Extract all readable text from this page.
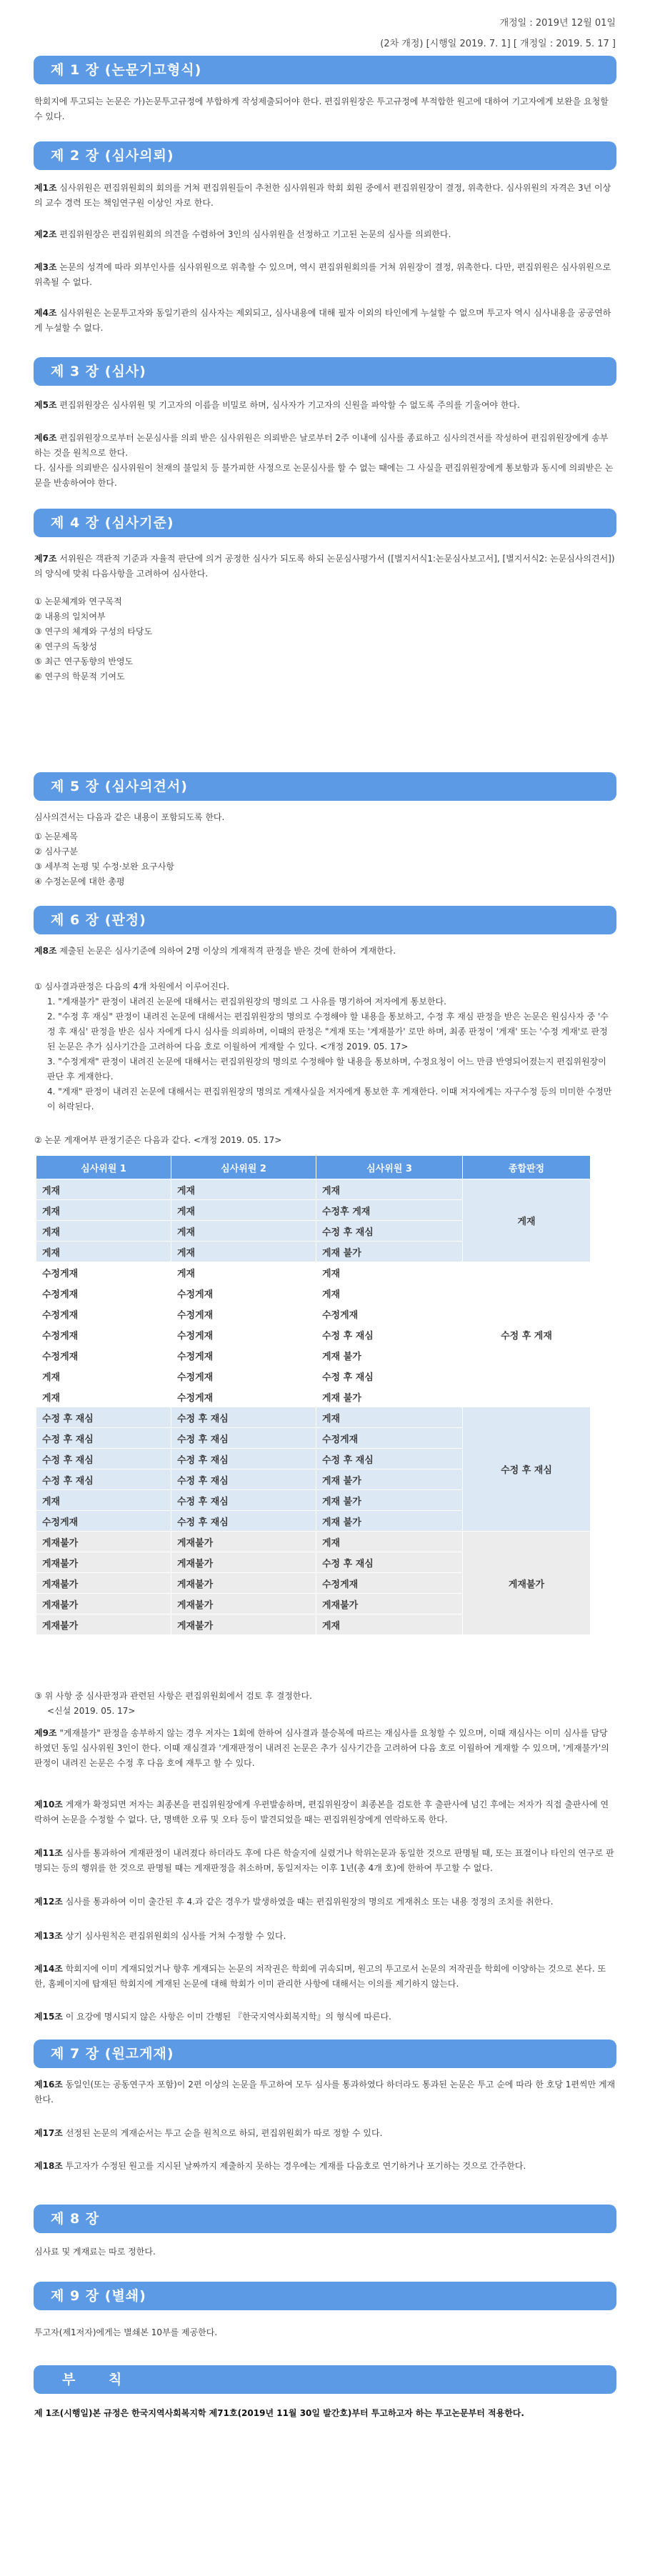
개정일 : 2019년 12월 01일
(2차 개정) [시행일 2019. 7. 1] [ 개정일 : 2019. 5. 17 ]
제 1 장 (논문기고형식)
학회지에 투고되는 논문은 가)논문투고규정에 부합하게 작성제출되어야 한다. 편집위원장은 투고규정에 부적합한 원고에 대하여 기고자에게 보완을 요청할 수 있다.
제 2 장 (심사의뢰)
제1조 심사위원은 편집위원회의 회의를 거쳐 편집위원들이 추천한 심사위원과 학회 회원 중에서 편집위원장이 결정, 위촉한다. 심사위원의 자격은 3년 이상의 교수 경력 또는 책임연구원 이상인 자로 한다.
제2조 편집위원장은 편집위원회의 의견을 수렴하여 3인의 심사위원을 선정하고 기고된 논문의 심사를 의뢰한다.
제3조 논문의 성격에 따라 외부인사를 심사위원으로 위촉할 수 있으며, 역시 편집위원회의를 거쳐 위원장이 결정, 위촉한다. 다만, 편집위원은 심사위원으로 위촉될 수 없다.
제4조 심사위원은 논문투고자와 동일기관의 심사자는 제외되고, 심사내용에 대해 필자 이외의 타인에게 누설할 수 없으며 투고자 역시 심사내용을 공공연하게 누설할 수 없다.
제 3 장 (심사)
제5조 편집위원장은 심사위원 및 기고자의 이름을 비밀로 하며, 심사자가 기고자의 신원을 파악할 수 없도록 주의를 기울여야 한다.
제6조 편집위원장으로부터 논문심사를 의뢰 받은 심사위원은 의뢰받은 날로부터 2주 이내에 심사를 종료하고 심사의견서를 작성하여 편집위원장에게 송부하는 것을 원칙으로 한다.
다. 심사를 의뢰받은 심사위원이 천재의 불일치 등 불가피한 사정으로 논문심사를 할 수 없는 때에는 그 사실을 편집위원장에게 통보함과 동시에 의뢰받은 논문을 반송하여야 한다.
제 4 장 (심사기준)
제7조 서위원은 객관적 기준과 자율적 판단에 의거 공정한 심사가 되도록 하되 논문심사평가서 ([별지서식1:논문심사보고서], [별지서식2: 논문심사의견서])의 양식에 맞춰 다음사항을 고려하여 심사한다.
① 논문체계와 연구목적
② 내용의 일치여부
③ 연구의 체계와 구성의 타당도
④ 연구의 독창성
⑤ 최근 연구동향의 반영도
⑥ 연구의 학문적 기여도
제 5 장 (심사의견서)
심사의견서는 다음과 같은 내용이 포함되도록 한다.
① 논문제목
② 심사구분
③ 세부적 논평 및 수정·보완 요구사항
④ 수정논문에 대한 총평
제 6 장 (판정)
제8조 제출된 논문은 심사기준에 의하여 2명 이상의 게재적격 판정을 받은 것에 한하여 게재한다.
① 심사결과판정은 다음의 4개 차원에서 이루어진다.
1. "게재불가" 판정이 내려진 논문에 대해서는 편집위원장의 명의로 그 사유를 명기하여 저자에게 통보한다.
2. "수정 후 재심" 판정이 내려진 논문에 대해서는 편집위원장의 명의로 수정해야 할 내용을 통보하고, 수정 후 재심 판정을 받은 논문은 원심사자 중 '수정 후 재심' 판정을 받은 심사 자에게 다시 심사를 의뢰하며, 이때의 판정은 "게재 또는 '게재불가' 로만 하며, 최종 판정이 '게재' 또는 '수정 게재'로 판정된 논문은 추가 심사기간을 고려하여 다음 호로 이월하여 게재할 수 있다. <개정 2019. 05. 17>
3. "수정게재" 판정이 내려진 논문에 대해서는 편집위원장의 명의로 수정해야 할 내용을 통보하며, 수정요청이 어느 만큼 반영되어졌는지 편집위원장이 판단 후 게재한다.
4. "게재" 판정이 내려진 논문에 대해서는 편집위원장의 명의로 게재사실을 저자에게 통보한 후 게재한다. 이때 저자에게는 자구수정 등의 미미한 수정만이 허락된다.
② 논문 게재여부 판정기준은 다음과 같다. <개정 2019. 05. 17>
심사위원 1	심사위원 2	심사위원 3	종합판정
게재	게재	게재	게재
게재	게재	수정후 게재	
게재	게재	수정 후 재심	
게재	게재	게재 불가	
수정게재	게재	게재	수정 후 게재
수정게재	수정게재	게재	
수정게재	수정게재	수정게재	
수정게재	수정게재	수정 후 재심	
수정게재	수정게재	게재 불가	
게재	수정게재	수정 후 재심	
게재	수정게재	게재 불가	
수정 후 재심	수정 후 재심	게재	수정 후 재심
수정 후 재심	수정 후 재심	수정게재	
수정 후 재심	수정 후 재심	수정 후 재심	
수정 후 재심	수정 후 재심	게재 불가	
게재	수정 후 재심	게재 불가	
수정게재	수정 후 재심	게재 불가	
게재불가	게재불가	게재	게재불가
게재불가	게재불가	수정 후 재심	
게재불가	게재불가	수정게재	
게재불가	게재불가	게재불가	
게재불가	게재불가	게재	
③ 위 사항 중 심사판정과 관련된 사항은 편집위원회에서 검토 후 결정한다.
<신설 2019. 05. 17>
제9조 "게재불가" 판정을 송부하지 않는 경우 저자는 1회에 한하여 심사결과 불승복에 따르는 재심사를 요청할 수 있으며, 이때 재심사는 이미 심사를 담당하였던 동일 심사위원 3인이 한다. 이때 재심결과 '게재판정이 내려진 논문은 추가 심사기간을 고려하여 다음 호로 이월하여 게재할 수 있으며, '게재불가'의 판정이 내려진 논문은 수정 후 다음 호에 재투고 할 수 있다.
제10조 게재가 확정되면 저자는 최종본을 편집위원장에게 우편발송하며, 편집위원장이 최종본을 검토한 후 출판사에 넘긴 후에는 저자가 직접 출판사에 연락하여 논문을 수정할 수 없다. 단, 명백한 오류 및 오타 등이 발견되었을 때는 편집위원장에게 연락하도록 한다.
제11조 심사를 통과하여 게재판정이 내려졌다 하더라도 후에 다른 학술지에 실렸거나 학위논문과 동일한 것으로 판명될 때, 또는 표절이나 타인의 연구로 판명되는 등의 행위를 한 것으로 판명될 때는 게재판정을 취소하며, 동일저자는 이후 1년(총 4개 호)에 한하여 투고할 수 없다.
제12조 심사를 통과하여 이미 출간된 후 4.과 같은 경우가 발생하였을 때는 편집위원장의 명의로 게재취소 또는 내용 정정의 조치를 취한다.
제13조 상기 심사원칙은 편집위원회의 심사를 거쳐 수정할 수 있다.
제14조 학회지에 이미 게재되었거나 향후 게재되는 논문의 저작권은 학회에 귀속되며, 원고의 투고로서 논문의 저작권을 학회에 이양하는 것으로 본다. 또한, 홈페이지에 탑재된 학회지에 게재된 논문에 대해 학회가 이미 관리한 사항에 대해서는 이의를 제기하지 않는다.
제15조 이 요강에 명시되지 않은 사항은 이미 간행된 『한국지역사회복지학』의 형식에 따른다.
제 7 장 (원고게재)
제16조 동일인(또는 공동연구자 포함)이 2편 이상의 논문을 투고하여 모두 심사를 통과하였다 하더라도 통과된 논문은 투고 순에 따라 한 호당 1편씩만 게재한다.
제17조 선정된 논문의 게재순서는 투고 순을 원칙으로 하되, 편집위원회가 따로 정할 수 있다.
제18조 투고자가 수정된 원고를 지시된 날짜까지 제출하지 못하는 경우에는 게재를 다음호로 연기하거나 포기하는 것으로 간주한다.
제 8 장
심사료 및 게재료는 따로 정한다.
제 9 장 (별쇄)
투고자(제1저자)에게는 별쇄본 10부를 제공한다.
부      칙
제 1조(시행일)본 규정은 한국지역사회복지학 제71호(2019년 11월 30일 발간호)부터 투고하고자 하는 투고논문부터 적용한다.
